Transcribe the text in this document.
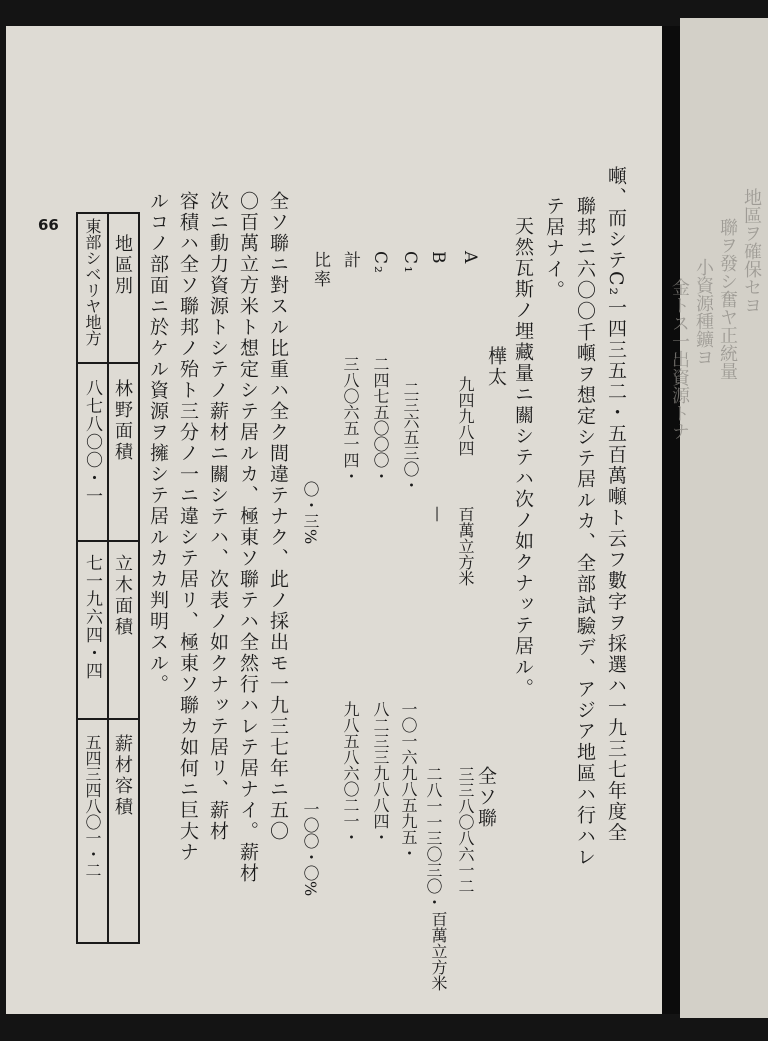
66	噸、而シテC₂一四三五二・五百萬噸ト云フ數字ヲ採選ハ一九三七年度全
聯邦ニ六〇〇千噸ヲ想定シテ居ルカ、全部試驗デ、アジア地區ハ行ハレ
テ居ナイ。
天然瓦斯ノ埋藏量ニ關シテハ次ノ如クナッテ居ル。
樺太
全ソ聯
A
九四九八四
百萬立方米
三三八〇八六一二
百萬立方米
B
—
二八一一三〇三〇・
C₁
二三六五三〇・
一〇一六九八五九五・
C₂
二四七五〇〇〇・
八二三三九八八四・
計
三八〇六五一四・
九八五八六〇二一・
比率
〇・三%
一〇〇・〇%
全ソ聯ニ對スル比重ハ全ク間違テナク、此ノ採出モ一九三七年ニ五〇
〇百萬立方米ト想定シテ居ルカ、極東ソ聯テハ全然行ハレテ居ナイ。薪材
次ニ動力資源トシテノ薪材ニ關シテハ、次表ノ如クナッテ居リ、薪材
容積ハ全ソ聯邦ノ殆ト三分ノ一ニ違シテ居リ、極東ソ聯カ如何ニ巨大ナ
ルコノ部面ニ於ケル資源ヲ擁シテ居ルカカ判明スル。
地區別
林野面積
立木面積
薪材容積
東部シベリヤ地方
八七八〇〇・一
七一九六四・四
五四三四八〇一・二
地區ヲ確保セヨ
聯ヲ發シ奮ヤ正統量
小資源種鑛ヨ
金トス一出資源トナ
